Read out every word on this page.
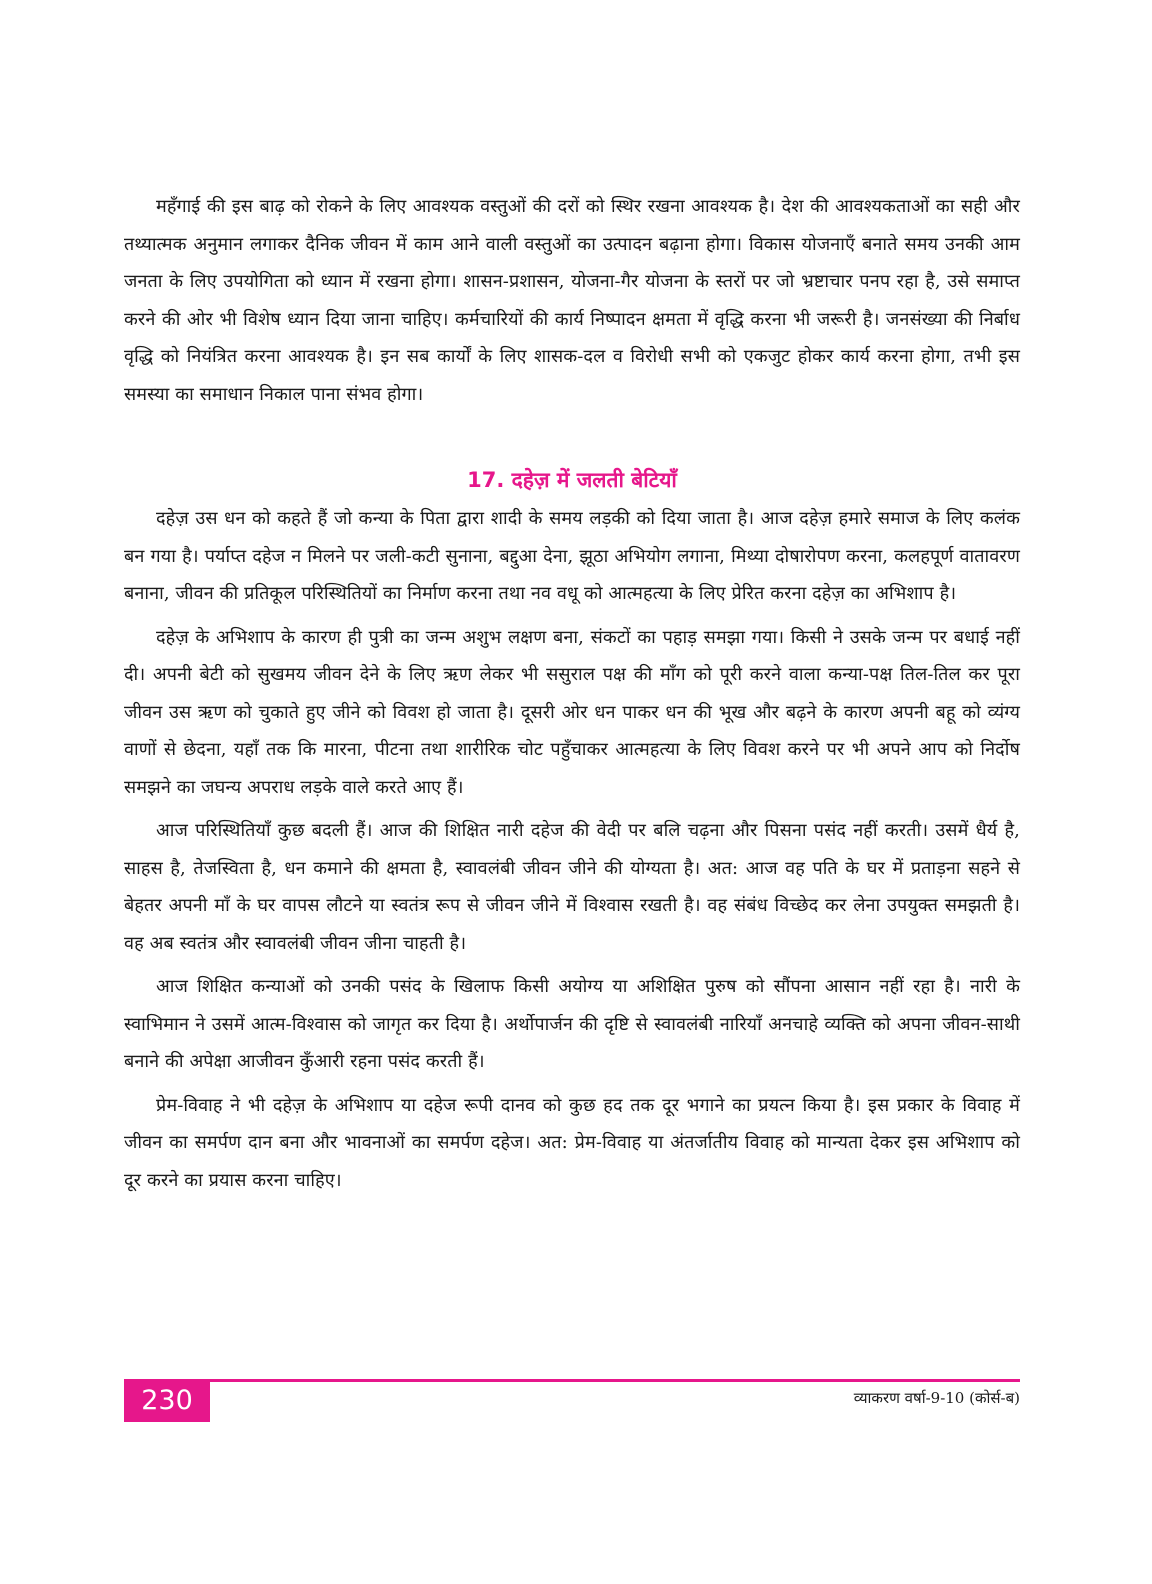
महँगाई की इस बाढ़ को रोकने के लिए आवश्यक वस्तुओं की दरों को स्थिर रखना आवश्यक है। देश की आवश्यकताओं का सही और तथ्यात्मक अनुमान लगाकर दैनिक जीवन में काम आने वाली वस्तुओं का उत्पादन बढ़ाना होगा। विकास योजनाएँ बनाते समय उनकी आम जनता के लिए उपयोगिता को ध्यान में रखना होगा। शासन-प्रशासन, योजना-गैर योजना के स्तरों पर जो भ्रष्टाचार पनप रहा है, उसे समाप्त करने की ओर भी विशेष ध्यान दिया जाना चाहिए। कर्मचारियों की कार्य निष्पादन क्षमता में वृद्धि करना भी जरूरी है। जनसंख्या की निर्बाध वृद्धि को नियंत्रित करना आवश्यक है। इन सब कार्यों के लिए शासक-दल व विरोधी सभी को एकजुट होकर कार्य करना होगा, तभी इस समस्या का समाधान निकाल पाना संभव होगा।

17. दहेज़ में जलती बेटियाँ

दहेज़ उस धन को कहते हैं जो कन्या के पिता द्वारा शादी के समय लड़की को दिया जाता है। आज दहेज़ हमारे समाज के लिए कलंक बन गया है। पर्याप्त दहेज न मिलने पर जली-कटी सुनाना, बद्दुआ देना, झूठा अभियोग लगाना, मिथ्या दोषारोपण करना, कलहपूर्ण वातावरण बनाना, जीवन की प्रतिकूल परिस्थितियों का निर्माण करना तथा नव वधू को आत्महत्या के लिए प्रेरित करना दहेज़ का अभिशाप है।

दहेज़ के अभिशाप के कारण ही पुत्री का जन्म अशुभ लक्षण बना, संकटों का पहाड़ समझा गया। किसी ने उसके जन्म पर बधाई नहीं दी। अपनी बेटी को सुखमय जीवन देने के लिए ऋण लेकर भी ससुराल पक्ष की माँग को पूरी करने वाला कन्या-पक्ष तिल-तिल कर पूरा जीवन उस ऋण को चुकाते हुए जीने को विवश हो जाता है। दूसरी ओर धन पाकर धन की भूख और बढ़ने के कारण अपनी बहू को व्यंग्य वाणों से छेदना, यहाँ तक कि मारना, पीटना तथा शारीरिक चोट पहुँचाकर आत्महत्या के लिए विवश करने पर भी अपने आप को निर्दोष समझने का जघन्य अपराध लड़के वाले करते आए हैं।

आज परिस्थितियाँ कुछ बदली हैं। आज की शिक्षित नारी दहेज की वेदी पर बलि चढ़ना और पिसना पसंद नहीं करती। उसमें धैर्य है, साहस है, तेजस्विता है, धन कमाने की क्षमता है, स्वावलंबी जीवन जीने की योग्यता है। अत: आज वह पति के घर में प्रताड़ना सहने से बेहतर अपनी माँ के घर वापस लौटने या स्वतंत्र रूप से जीवन जीने में विश्वास रखती है। वह संबंध विच्छेद कर लेना उपयुक्त समझती है। वह अब स्वतंत्र और स्वावलंबी जीवन जीना चाहती है।

आज शिक्षित कन्याओं को उनकी पसंद के खिलाफ किसी अयोग्य या अशिक्षित पुरुष को सौंपना आसान नहीं रहा है। नारी के स्वाभिमान ने उसमें आत्म-विश्वास को जागृत कर दिया है। अर्थोपार्जन की दृष्टि से स्वावलंबी नारियाँ अनचाहे व्यक्ति को अपना जीवन-साथी बनाने की अपेक्षा आजीवन कुँआरी रहना पसंद करती हैं।

प्रेम-विवाह ने भी दहेज़ के अभिशाप या दहेज रूपी दानव को कुछ हद तक दूर भगाने का प्रयत्न किया है। इस प्रकार के विवाह में जीवन का समर्पण दान बना और भावनाओं का समर्पण दहेज। अत: प्रेम-विवाह या अंतर्जातीय विवाह को मान्यता देकर इस अभिशाप को दूर करने का प्रयास करना चाहिए।

230	व्याकरण वर्षा-9-10 (कोर्स-ब)
